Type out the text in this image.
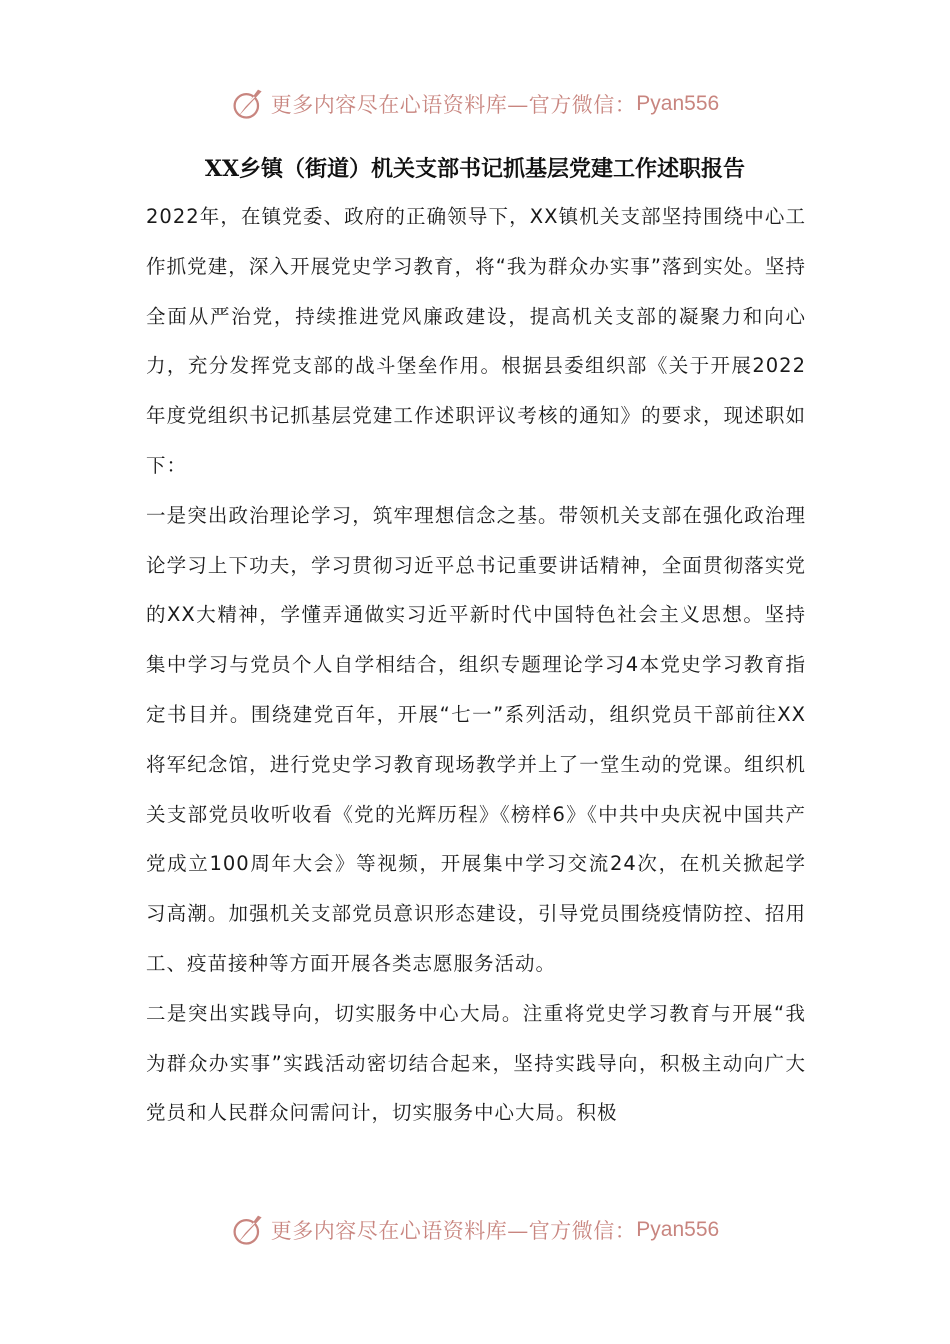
更多内容尽在心语资料库—官方微信： Pyan556
XX乡镇（街道）机关支部书记抓基层党建工作述职报告

2022年，在镇党委、政府的正确领导下，XX镇机关支部坚持围绕中心工作抓党建，深入开展党史学习教育，将“我为群众办实事”落到实处。坚持全面从严治党，持续推进党风廉政建设，提高机关支部的凝聚力和向心力，充分发挥党支部的战斗堡垒作用。根据县委组织部《关于开展2022年度党组织书记抓基层党建工作述职评议考核的通知》的要求，现述职如下：

一是突出政治理论学习，筑牢理想信念之基。带领机关支部在强化政治理论学习上下功夫，学习贯彻习近平总书记重要讲话精神，全面贯彻落实党的XX大精神，学懂弄通做实习近平新时代中国特色社会主义思想。坚持集中学习与党员个人自学相结合，组织专题理论学习4本党史学习教育指定书目并。围绕建党百年，开展“七一”系列活动，组织党员干部前往XX将军纪念馆，进行党史学习教育现场教学并上了一堂生动的党课。组织机关支部党员收听收看《党的光辉历程》《榜样6》《中共中央庆祝中国共产党成立100周年大会》等视频，开展集中学习交流24次，在机关掀起学习高潮。加强机关支部党员意识形态建设，引导党员围绕疫情防控、招用工、疫苗接种等方面开展各类志愿服务活动。

二是突出实践导向，切实服务中心大局。注重将党史学习教育与开展“我为群众办实事”实践活动密切结合起来，坚持实践导向，积极主动向广大党员和人民群众问需问计，切实服务中心大局。积极

更多内容尽在心语资料库—官方微信： Pyan556
